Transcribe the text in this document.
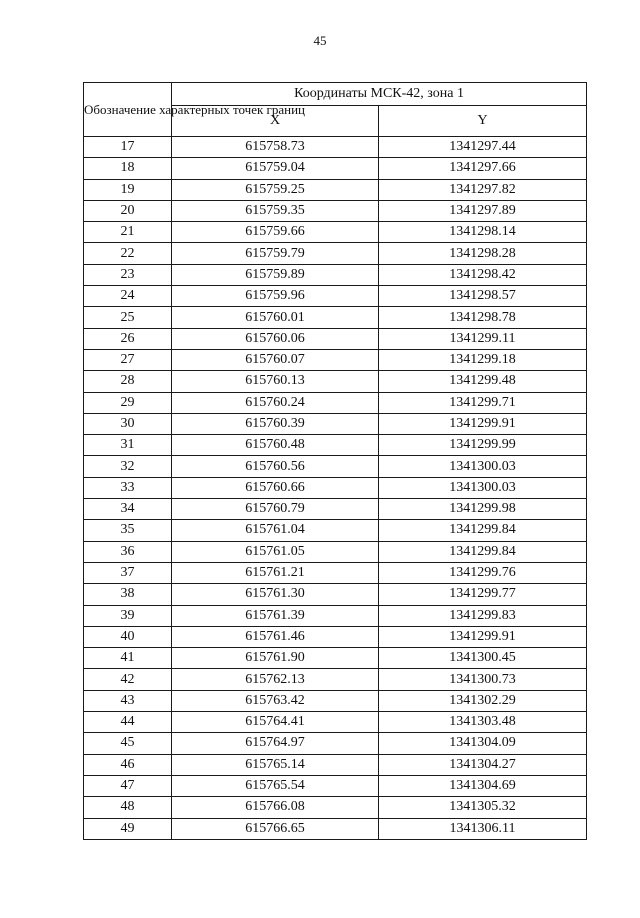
45
Обозначение характерных точек границ	Координаты МСК-42, зона 1	
	X	Y
17	615758.73	1341297.44
18	615759.04	1341297.66
19	615759.25	1341297.82
20	615759.35	1341297.89
21	615759.66	1341298.14
22	615759.79	1341298.28
23	615759.89	1341298.42
24	615759.96	1341298.57
25	615760.01	1341298.78
26	615760.06	1341299.11
27	615760.07	1341299.18
28	615760.13	1341299.48
29	615760.24	1341299.71
30	615760.39	1341299.91
31	615760.48	1341299.99
32	615760.56	1341300.03
33	615760.66	1341300.03
34	615760.79	1341299.98
35	615761.04	1341299.84
36	615761.05	1341299.84
37	615761.21	1341299.76
38	615761.30	1341299.77
39	615761.39	1341299.83
40	615761.46	1341299.91
41	615761.90	1341300.45
42	615762.13	1341300.73
43	615763.42	1341302.29
44	615764.41	1341303.48
45	615764.97	1341304.09
46	615765.14	1341304.27
47	615765.54	1341304.69
48	615766.08	1341305.32
49	615766.65	1341306.11
